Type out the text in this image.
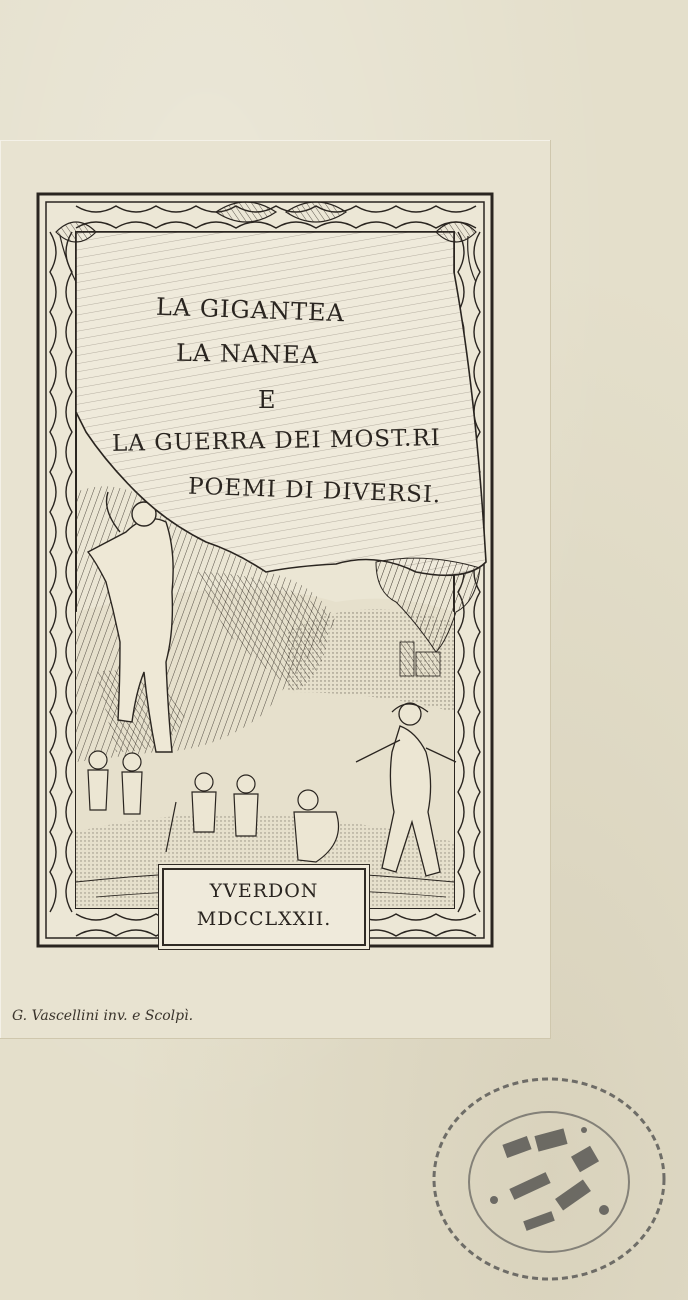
LA GIGANTEA
LA NANEA
E
LA GUERRA DEI MOST.RI
POEMI DI DIVERSI.
YVERDON
MDCCLXXII.
G. Vascellini inv. e Scolpì.
